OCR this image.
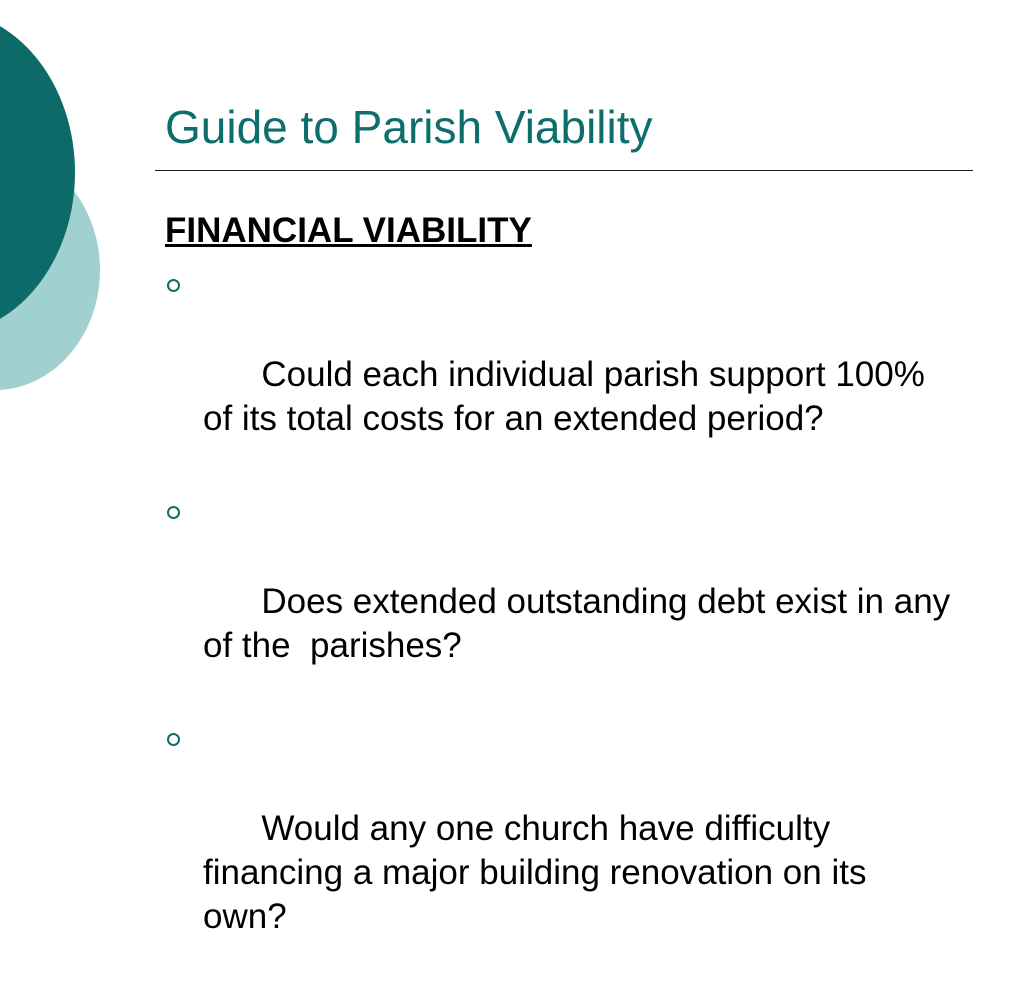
Guide to Parish Viability
FINANCIAL VIABILITY

Could each individual parish support 100% of its total costs for an extended period?

Does extended outstanding debt exist in any of the  parishes?

Would any one church have difficulty financing a major building renovation on its own?
